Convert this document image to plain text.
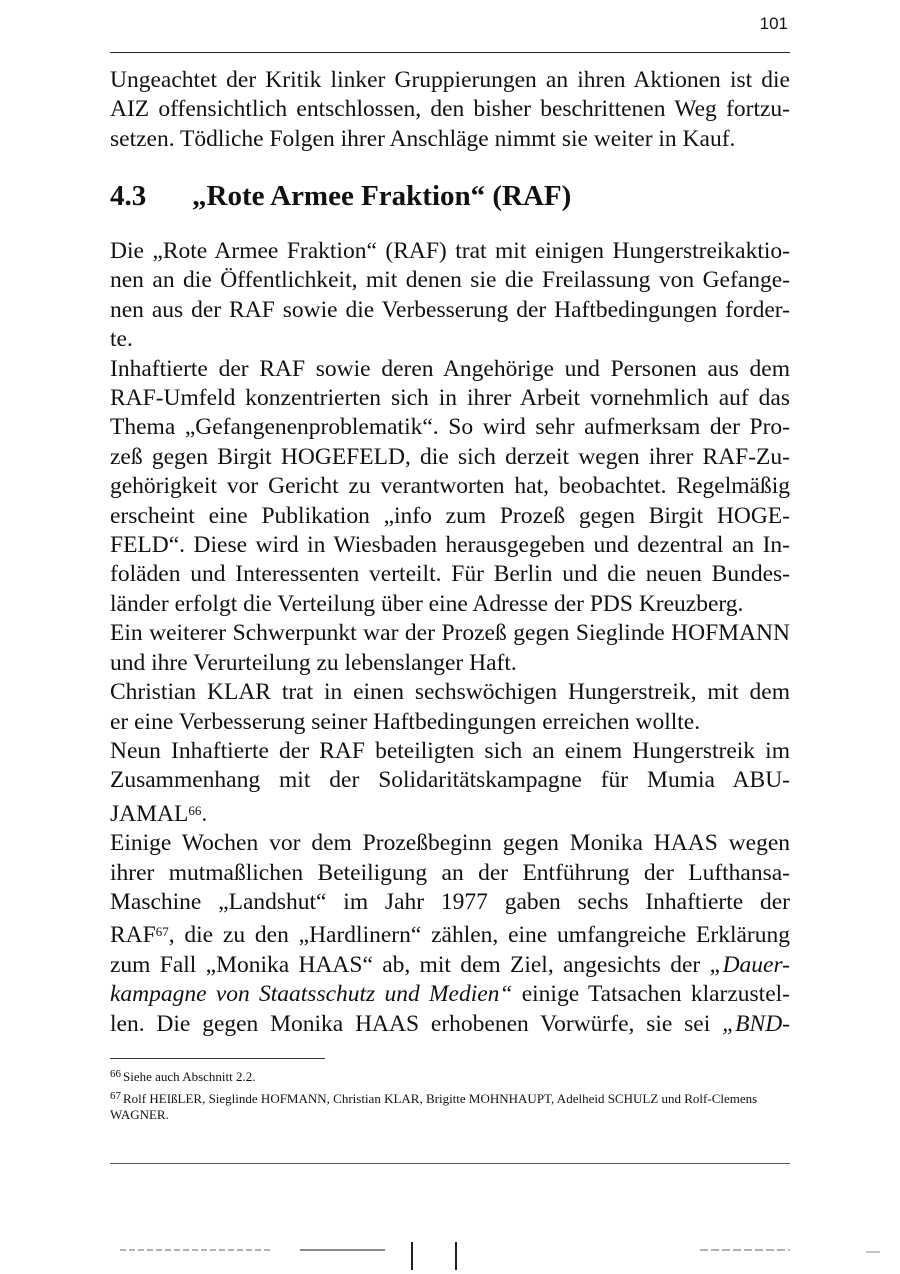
101
Ungeachtet der Kritik linker Gruppierungen an ihren Aktionen ist die
AIZ offensichtlich entschlossen, den bisher beschrittenen Weg fortzu-
setzen. Tödliche Folgen ihrer Anschläge nimmt sie weiter in Kauf.
4.3 „Rote Armee Fraktion“ (RAF)
Die „Rote Armee Fraktion“ (RAF) trat mit einigen Hungerstreikaktio-
nen an die Öffentlichkeit, mit denen sie die Freilassung von Gefange-
nen aus der RAF sowie die Verbesserung der Haftbedingungen forder-
te.
Inhaftierte der RAF sowie deren Angehörige und Personen aus dem
RAF-Umfeld konzentrierten sich in ihrer Arbeit vornehmlich auf das
Thema „Gefangenenproblematik“. So wird sehr aufmerksam der Pro-
zeß gegen Birgit HOGEFELD, die sich derzeit wegen ihrer RAF-Zu-
gehörigkeit vor Gericht zu verantworten hat, beobachtet. Regelmäßig
erscheint eine Publikation „info zum Prozeß gegen Birgit HOGE-
FELD“. Diese wird in Wiesbaden herausgegeben und dezentral an In-
foläden und Interessenten verteilt. Für Berlin und die neuen Bundes-
länder erfolgt die Verteilung über eine Adresse der PDS Kreuzberg.
Ein weiterer Schwerpunkt war der Prozeß gegen Sieglinde HOFMANN
und ihre Verurteilung zu lebenslanger Haft.
Christian KLAR trat in einen sechswöchigen Hungerstreik, mit dem
er eine Verbesserung seiner Haftbedingungen erreichen wollte.
Neun Inhaftierte der RAF beteiligten sich an einem Hungerstreik im
Zusammenhang mit der Solidaritätskampagne für Mumia ABU-
JAMAL$^{66}$.
Einige Wochen vor dem Prozeßbeginn gegen Monika HAAS wegen
ihrer mutmaßlichen Beteiligung an der Entführung der Lufthansa-
Maschine „Landshut“ im Jahr 1977 gaben sechs Inhaftierte der
RAF$^{67}$, die zu den „Hardlinern“ zählen, eine umfangreiche Erklärung
zum Fall „Monika HAAS“ ab, mit dem Ziel, angesichts der „Dauer-
kampagne von Staatsschutz und Medien“ einige Tatsachen klarzustel-
len. Die gegen Monika HAAS erhobenen Vorwürfe, sie sei „BND-

$^{66}$ Siehe auch Abschnitt 2.2.

$^{67}$ Rolf HEIßLER, Sieglinde HOFMANN, Christian KLAR, Brigitte MOHNHAUPT, Adelheid SCHULZ und Rolf-Clemens WAGNER.
